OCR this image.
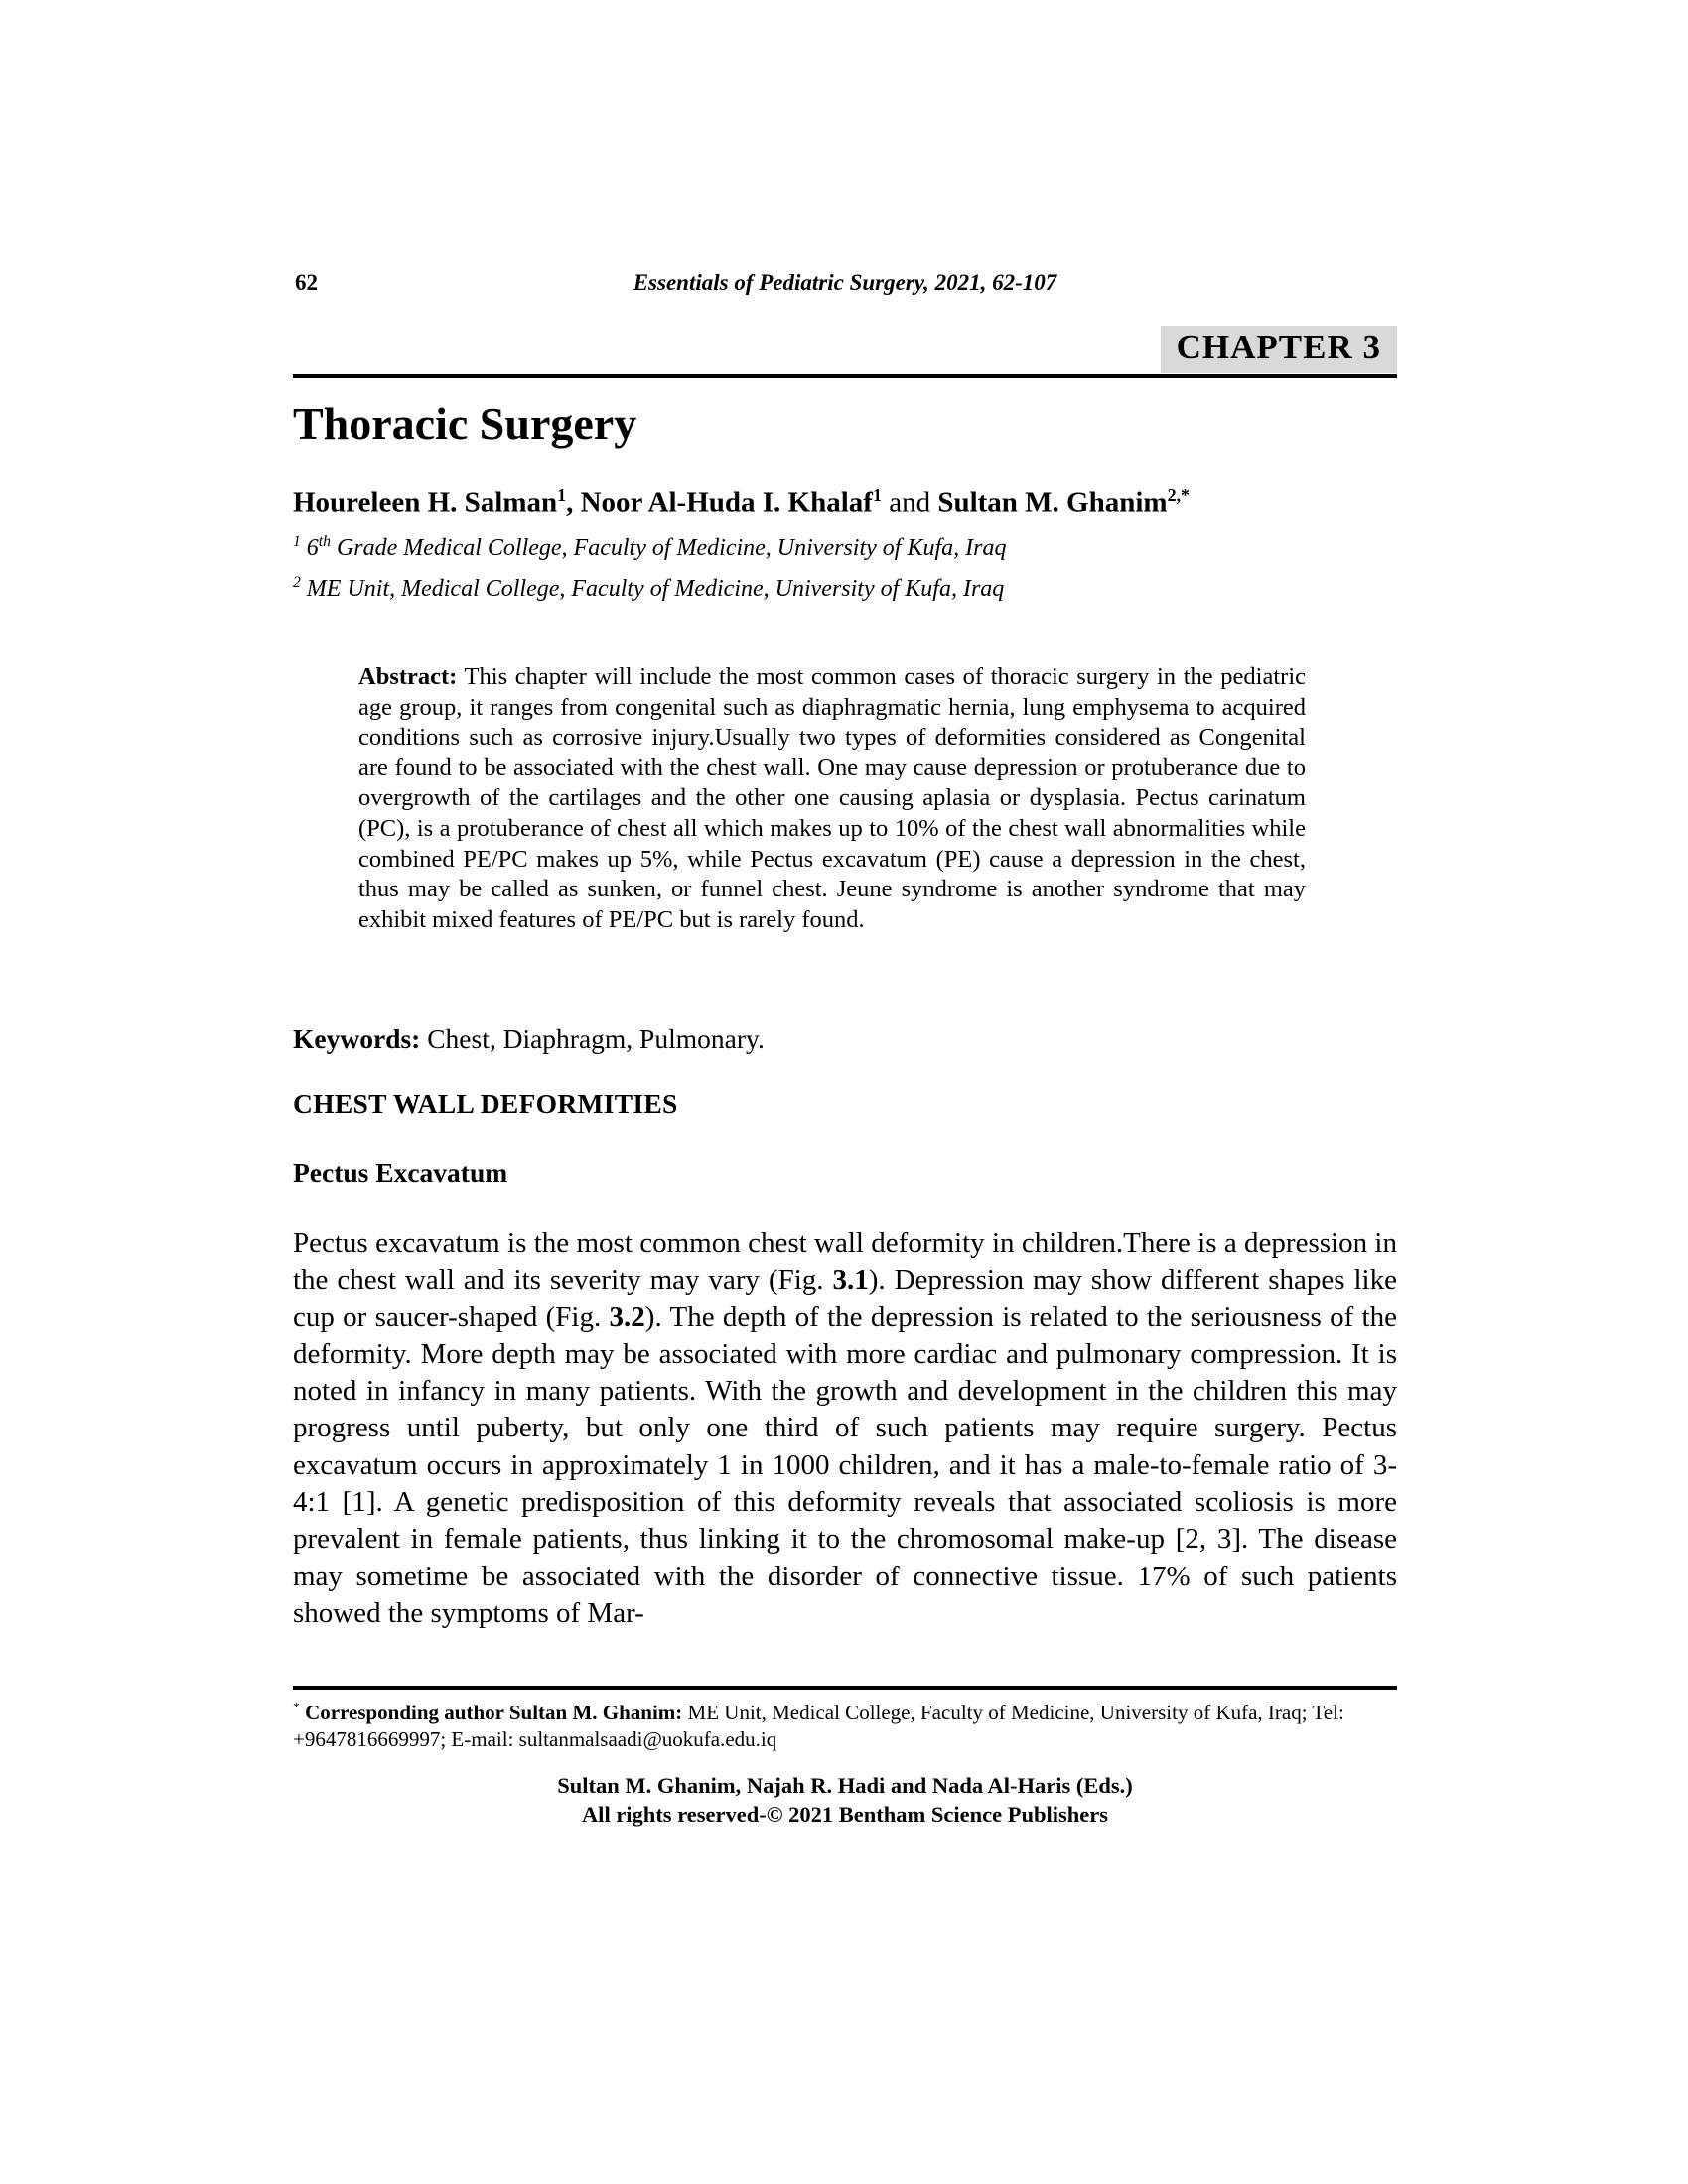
62	Essentials of Pediatric Surgery, 2021, 62-107
CHAPTER 3
Thoracic Surgery
Houreleen H. Salman$^1$, Noor Al-Huda I. Khalaf$^1$ and Sultan M. Ghanim$^{2,*}$
$^1$ 6th Grade Medical College, Faculty of Medicine, University of Kufa, Iraq
$^2$ ME Unit, Medical College, Faculty of Medicine, University of Kufa, Iraq
Abstract: This chapter will include the most common cases of thoracic surgery in the pediatric age group, it ranges from congenital such as diaphragmatic hernia, lung emphysema to acquired conditions such as corrosive injury.Usually two types of deformities considered as Congenital are found to be associated with the chest wall. One may cause depression or protuberance due to overgrowth of the cartilages and the other one causing aplasia or dysplasia. Pectus carinatum (PC), is a protuberance of chest all which makes up to 10% of the chest wall abnormalities while combined PE/PC makes up 5%, while Pectus excavatum (PE) cause a depression in the chest, thus may be called as sunken, or funnel chest. Jeune syndrome is another syndrome that may exhibit mixed features of PE/PC but is rarely found.
Keywords: Chest, Diaphragm, Pulmonary.
CHEST WALL DEFORMITIES
Pectus Excavatum

Pectus excavatum is the most common chest wall deformity in children.There is a depression in the chest wall and its severity may vary (Fig. 3.1). Depression may show different shapes like cup or saucer-shaped (Fig. 3.2). The depth of the depression is related to the seriousness of the deformity. More depth may be associated with more cardiac and pulmonary compression. It is noted in infancy in many patients. With the growth and development in the children this may progress until puberty, but only one third of such patients may require surgery. Pectus excavatum occurs in approximately 1 in 1000 children, and it has a male-to-female ratio of 3-4:1 [1]. A genetic predisposition of this deformity reveals that associated scoliosis is more prevalent in female patients, thus linking it to the chromosomal make-up [2, 3]. The disease may sometime be associated with the disorder of connective tissue. 17% of such patients showed the symptoms of Mar-

* Corresponding author Sultan M. Ghanim: ME Unit, Medical College, Faculty of Medicine, University of Kufa, Iraq; Tel: +9647816669997; E-mail: sultanmalsaadi@uokufa.edu.iq
Sultan M. Ghanim, Najah R. Hadi and Nada Al-Haris (Eds.)
All rights reserved-© 2021 Bentham Science Publishers
